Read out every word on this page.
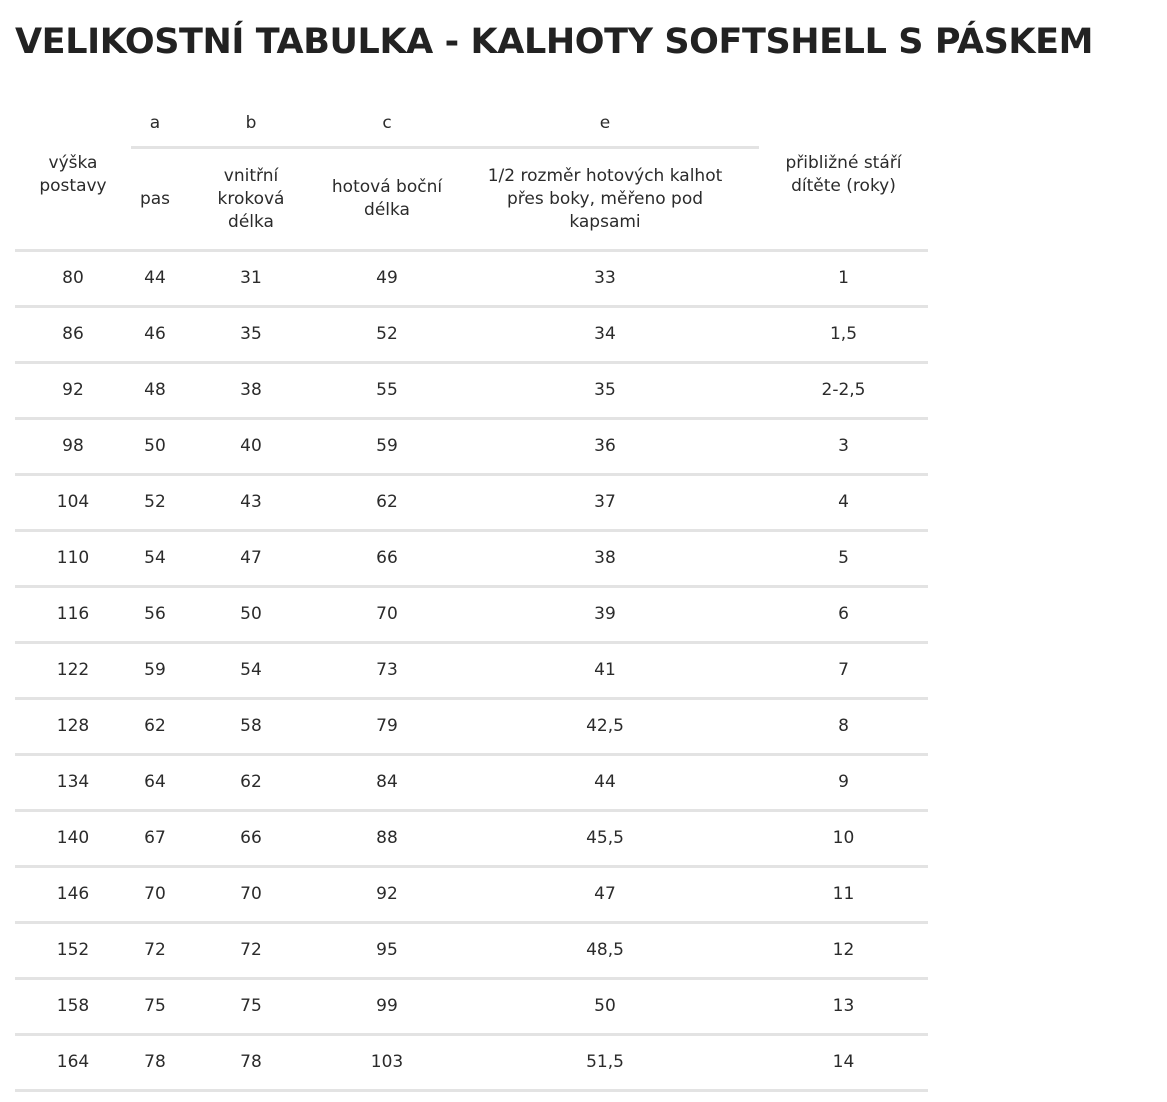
VELIKOSTNÍ TABULKA - KALHOTY SOFTSHELL S PÁSKEM
výška postavy	a	b	c	e	přibližné stáří dítěte (roky)
	pas	vnitřní kroková délka	hotová boční délka	1/2 rozměr hotových kalhot přes boky, měřeno pod kapsami	
80	44	31	49	33	1
86	46	35	52	34	1,5
92	48	38	55	35	2-2,5
98	50	40	59	36	3
104	52	43	62	37	4
110	54	47	66	38	5
116	56	50	70	39	6
122	59	54	73	41	7
128	62	58	79	42,5	8
134	64	62	84	44	9
140	67	66	88	45,5	10
146	70	70	92	47	11
152	72	72	95	48,5	12
158	75	75	99	50	13
164	78	78	103	51,5	14
